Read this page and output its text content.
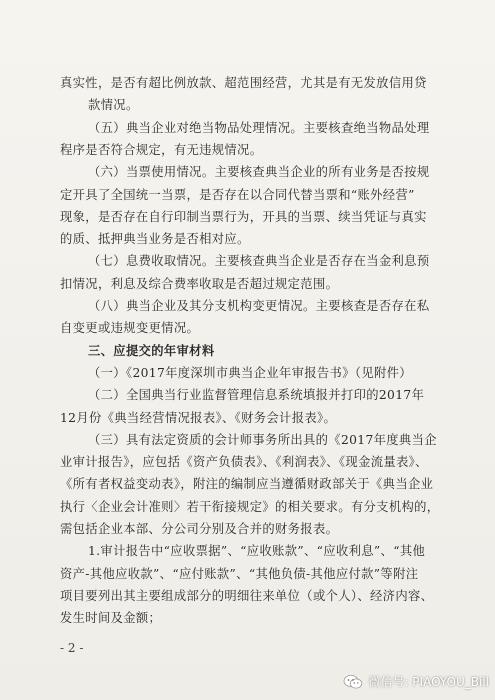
真实性，是否有超比例放款、超范围经营，尤其是有无发放信用贷
款情况。
（五）典当企业对绝当物品处理情况。主要核查绝当物品处理
程序是否符合规定，有无违规情况。
（六）当票使用情况。主要核查典当企业的所有业务是否按规
定开具了全国统一当票，是否存在以合同代替当票和“账外经营”
现象，是否存在自行印制当票行为，开具的当票、续当凭证与真实
的质、抵押典当业务是否相对应。
（七）息费收取情况。主要核查典当企业是否存在当金利息预
扣情况，利息及综合费率收取是否超过规定范围。
（八）典当企业及其分支机构变更情况。主要核查是否存在私
自变更或违规变更情况。
三、应提交的年审材料
（一）《2017年度深圳市典当企业年审报告书》（见附件）
（二）全国典当行业监督管理信息系统填报并打印的2017年
12月份《典当经营情况报表》、《财务会计报表》。
（三）具有法定资质的会计师事务所出具的《2017年度典当企
业审计报告》，应包括《资产负债表》、《利润表》、《现金流量表》、
《所有者权益变动表》，附注的编制应当遵循财政部关于《典当企业
执行〈企业会计准则〉若干衔接规定》的相关要求。有分支机构的，
需包括企业本部、分公司分别及合并的财务报表。
1.审计报告中“应收票据”、“应收账款”、“应收利息”、“其他
资产-其他应收款”、“应付账款”、“其他负债-其他应付款”等附注
项目要列出其主要组成部分的明细往来单位（或个人）、经济内容、
发生时间及金额；
- 2 -
微信号: PIAOYOU_Bill
